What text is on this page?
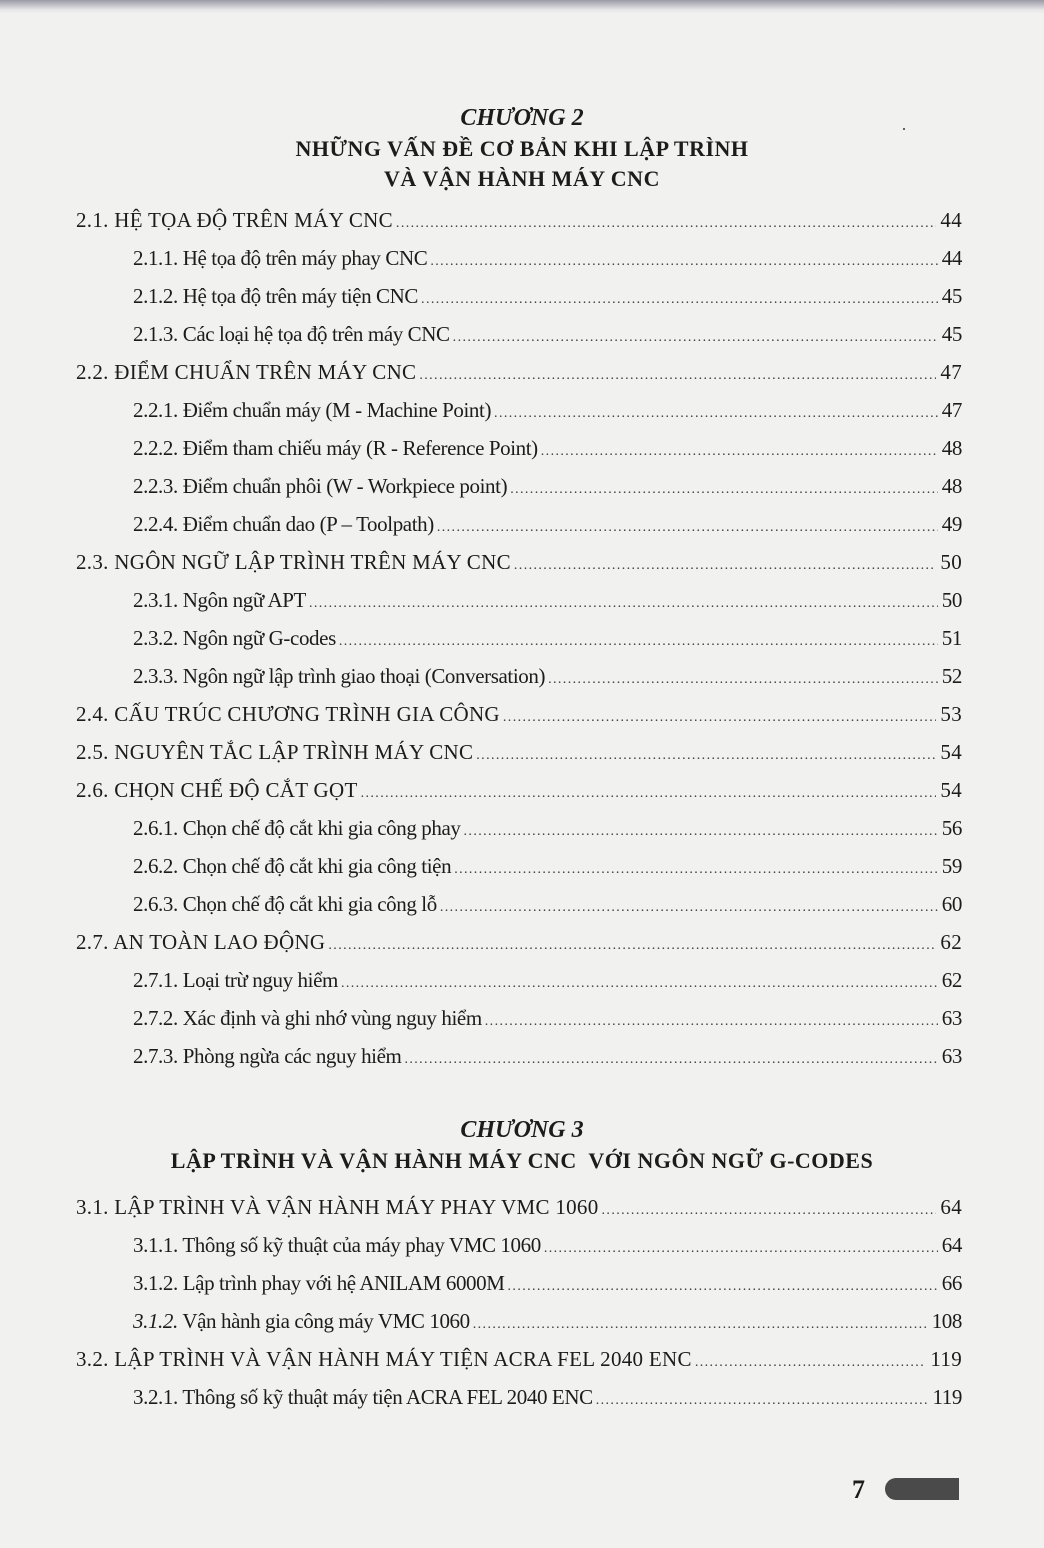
CHƯƠNG 2
NHỮNG VẤN ĐỀ CƠ BẢN KHI LẬP TRÌNH
VÀ VẬN HÀNH MÁY CNC
2.1. HỆ TỌA ĐỘ TRÊN MÁY CNC .....	44
2.1.1. Hệ tọa độ trên máy phay CNC .....	44
2.1.2. Hệ tọa độ trên máy tiện CNC .....	45
2.1.3. Các loại hệ tọa độ trên máy CNC .....	45
2.2. ĐIỂM CHUẨN TRÊN MÁY CNC .....	47
2.2.1. Điểm chuẩn máy (M - Machine Point) .....	47
2.2.2. Điểm tham chiếu máy (R - Reference Point) .....	48
2.2.3. Điểm chuẩn phôi (W - Workpiece point) .....	48
2.2.4. Điểm chuẩn dao (P – Toolpath) .....	49
2.3. NGÔN NGỮ LẬP TRÌNH TRÊN MÁY CNC .....	50
2.3.1. Ngôn ngữ APT .....	50
2.3.2. Ngôn ngữ G-codes .....	51
2.3.3. Ngôn ngữ lập trình giao thoại (Conversation) .....	52
2.4. CẤU TRÚC CHƯƠNG TRÌNH GIA CÔNG .....	53
2.5. NGUYÊN TẮC LẬP TRÌNH MÁY CNC .....	54
2.6. CHỌN CHẾ ĐỘ CẮT GỌT .....	54
2.6.1. Chọn chế độ cắt khi gia công phay .....	56
2.6.2. Chọn chế độ cắt khi gia công tiện .....	59
2.6.3. Chọn chế độ cắt khi gia công lỗ .....	60
2.7. AN TOÀN LAO ĐỘNG .....	62
2.7.1. Loại trừ nguy hiểm .....	62
2.7.2. Xác định và ghi nhớ vùng nguy hiểm .....	63
2.7.3. Phòng ngừa các nguy hiểm .....	63
CHƯƠNG 3
LẬP TRÌNH VÀ VẬN HÀNH MÁY CNC  VỚI NGÔN NGỮ G-CODES
3.1. LẬP TRÌNH VÀ VẬN HÀNH MÁY PHAY VMC 1060 .....	64
3.1.1. Thông số kỹ thuật của máy phay VMC 1060 .....	64
3.1.2. Lập trình phay với hệ ANILAM 6000M .....	66
3.1.2. Vận hành gia công máy VMC 1060 .....	108
3.2. LẬP TRÌNH VÀ VẬN HÀNH MÁY TIỆN ACRA FEL 2040 ENC .....	119
3.2.1. Thông số kỹ thuật máy tiện ACRA FEL 2040 ENC .....	119
7
